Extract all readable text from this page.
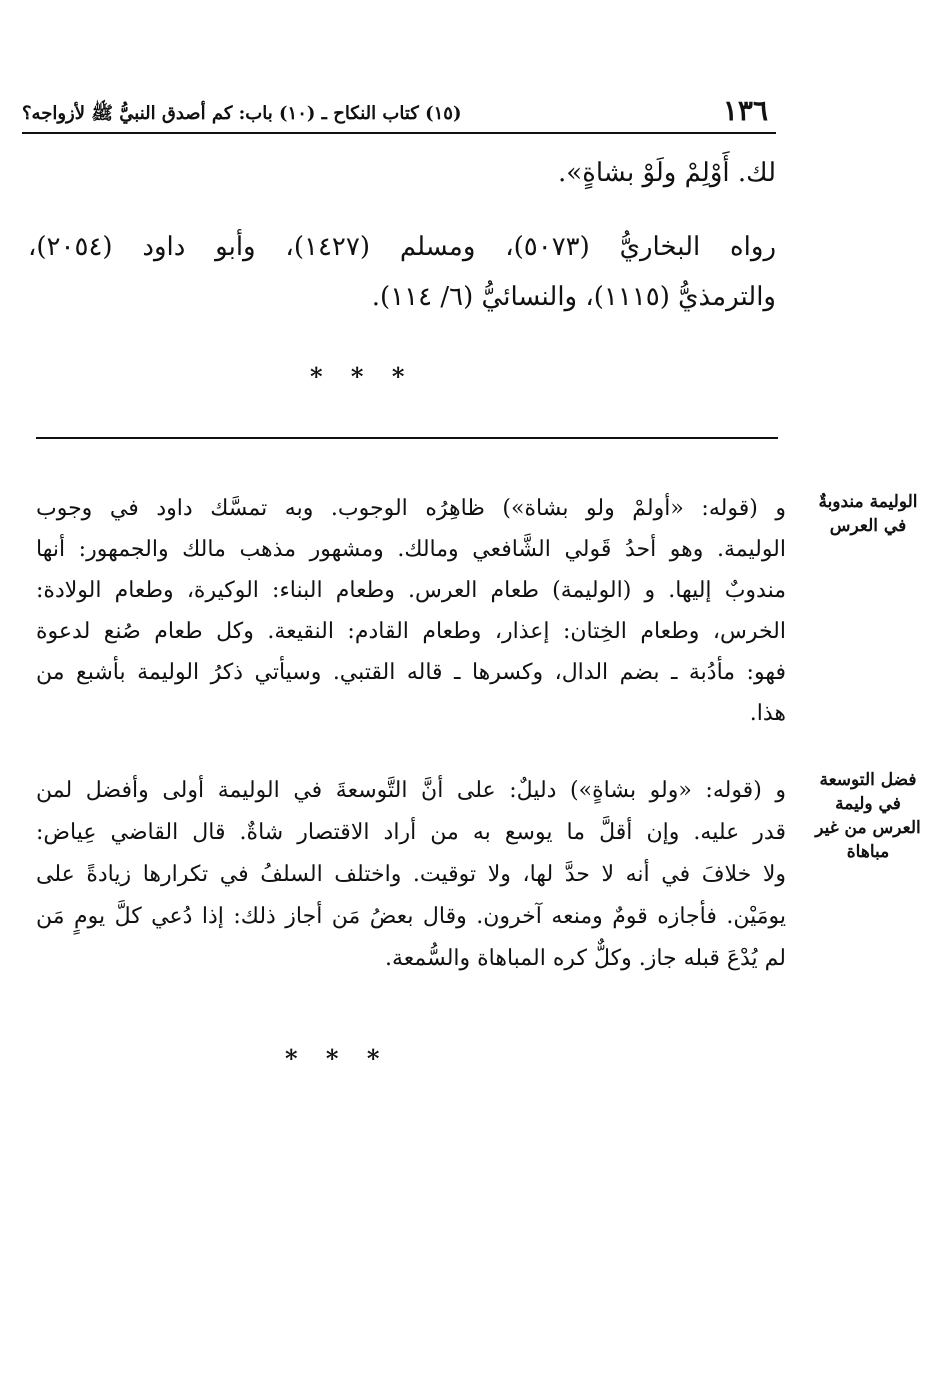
١٣٦
(١٥) كتاب النكاح ـ (١٠) باب: كم أصدق النبيُّ ﷺ لأزواجه؟
لك. أَوْلِمْ ولَوْ بشاةٍ».
رواه البخاريُّ (٥٠٧٣)، ومسلم (١٤٢٧)، وأبو داود (٢٠٥٤)،
والترمذيُّ (١١١٥)، والنسائيُّ (٦/ ١١٤).
* * *
الوليمة مندوبةٌ في العرس
و (قوله: «أولمْ ولو بشاة») ظاهِرُه الوجوب. وبه تمسَّك داود في وجوب
الوليمة. وهو أحدُ قَولي الشَّافعي ومالك. ومشهور مذهب مالك والجمهور: أنها
مندوبٌ إليها. و (الوليمة) طعام العرس. وطعام البناء: الوكيرة، وطعام الولادة:
الخرس، وطعام الخِتان: إعذار، وطعام القادم: النقيعة. وكل طعام صُنع لدعوة
فهو: مأدُبة ـ بضم الدال، وكسرها ـ قاله القتبي. وسيأتي ذكرُ الوليمة بأشبع من
هذا.
فضل التوسعة في وليمة العرس من غير مباهاة
و (قوله: «ولو بشاةٍ») دليلٌ: على أنَّ التَّوسعةَ في الوليمة أولى وأفضل لمن
قدر عليه. وإن أقلَّ ما يوسع به من أراد الاقتصار شاةٌ. قال القاضي عِياض:
ولا خلافَ في أنه لا حدَّ لها، ولا توقيت. واختلف السلفُ في تكرارها زيادةً على
يومَيْن. فأجازه قومٌ ومنعه آخرون. وقال بعضُ مَن أجاز ذلك: إذا دُعي كلَّ يومٍ مَن
لم يُدْعَ قبله جاز. وكلٌّ كره المباهاة والسُّمعة.
* * *
